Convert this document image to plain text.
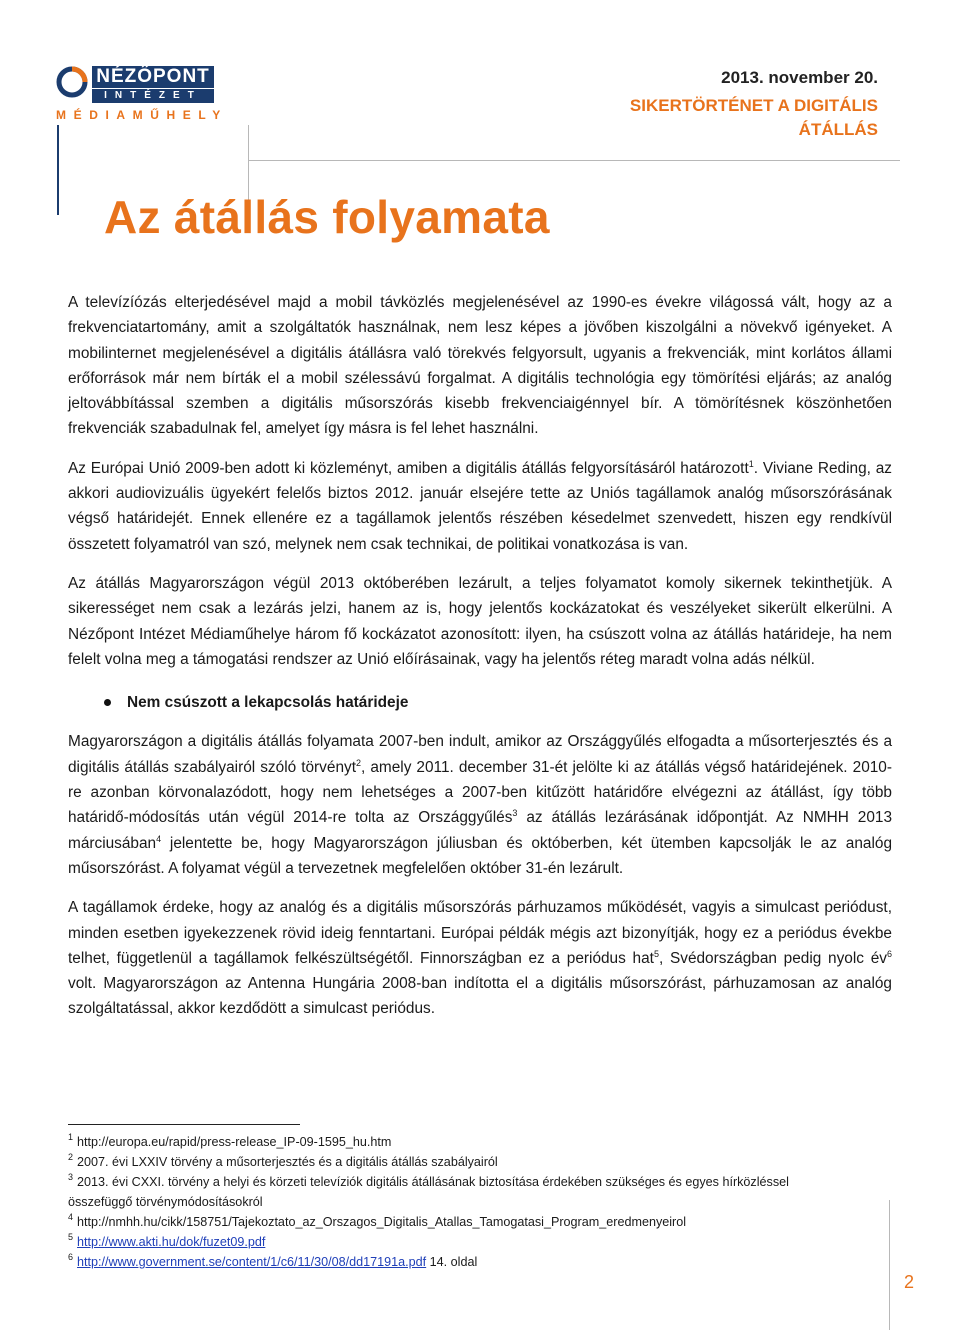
NÉZŐPONT
INTÉZET
MÉDIAMŰHELY
2013. november 20.
SIKERTÖRTÉNET A DIGITÁLIS ÁTÁLLÁS
Az átállás folyamata

A televízíózás elterjedésével majd a mobil távközlés megjelenésével az 1990-es évekre világossá vált, hogy az a frekvenciatartomány, amit a szolgáltatók használnak, nem lesz képes a jövőben kiszolgálni a növekvő igényeket. A mobilinternet megjelenésével a digitális átállásra való törekvés felgyorsult, ugyanis a frekvenciák, mint korlátos állami erőforrások már nem bírták el a mobil szélessávú forgalmat. A digitális technológia egy tömörítési eljárás; az analóg jeltovábbítással szemben a digitális műsorszórás kisebb frekvenciaigénnyel bír. A tömörítésnek köszönhetően frekvenciák szabadulnak fel, amelyet így másra is fel lehet használni.

Az Európai Unió 2009-ben adott ki közleményt, amiben a digitális átállás felgyorsításáról határozott$^1$. Viviane Reding, az akkori audiovizuális ügyekért felelős biztos 2012. január elsejére tette az Uniós tagállamok analóg műsorszórásának végső határidejét. Ennek ellenére ez a tagállamok jelentős részében késedelmet szenvedett, hiszen egy rendkívül összetett folyamatról van szó, melynek nem csak technikai, de politikai vonatkozása is van.

Az átállás Magyarországon végül 2013 októberében lezárult, a teljes folyamatot komoly sikernek tekinthetjük. A sikerességet nem csak a lezárás jelzi, hanem az is, hogy jelentős kockázatokat és veszélyeket sikerült elkerülni. A Nézőpont Intézet Médiaműhelye három fő kockázatot azonosított: ilyen, ha csúszott volna az átállás határideje, ha nem felelt volna meg a támogatási rendszer az Unió előírásainak, vagy ha jelentős réteg maradt volna adás nélkül.

Nem csúszott a lekapcsolás határideje

Magyarországon a digitális átállás folyamata 2007-ben indult, amikor az Országgyűlés elfogadta a műsorterjesztés és a digitális átállás szabályairól szóló törvényt$^2$, amely 2011. december 31-ét jelölte ki az átállás végső határidejének. 2010-re azonban körvonalazódott, hogy nem lehetséges a 2007-ben kitűzött határidőre elvégezni az átállást, így több határidő-módosítás után végül 2014-re tolta az Országgyűlés$^3$ az átállás lezárásának időpontját. Az NMHH 2013 márciusában$^4$ jelentette be, hogy Magyarországon júliusban és októberben, két ütemben kapcsolják le az analóg műsorszórást. A folyamat végül a tervezetnek megfelelően október 31-én lezárult.

A tagállamok érdeke, hogy az analóg és a digitális műsorszórás párhuzamos működését, vagyis a simulcast periódust, minden esetben igyekezzenek rövid ideig fenntartani. Európai példák mégis azt bizonyítják, hogy ez a periódus évekbe telhet, függetlenül a tagállamok felkészültségétől. Finnországban ez a periódus hat$^5$, Svédországban pedig nyolc $év^6$ volt. Magyarországon az Antenna Hungária 2008-ban indította el a digitális műsorszórást, párhuzamosan az analóg szolgáltatással, akkor kezdődött a simulcast periódus.

$^1$ http://europa.eu/rapid/press-release_IP-09-1595_hu.htm

$^2$ 2007. évi LXXIV törvény a műsorterjesztés és a digitális átállás szabályairól

$^3$ 2013. évi CXXI. törvény a helyi és körzeti televíziók digitális átállásának biztosítása érdekében szükséges és egyes hírközléssel összefüggő törvénymódosításokról

$^4$ http://nmhh.hu/cikk/158751/Tajekoztato_az_Orszagos_Digitalis_Atallas_Tamogatasi_Program_eredmenyeirol

$^5$ http://www.akti.hu/dok/fuzet09.pdf

$^6$ http://www.government.se/content/1/c6/11/30/08/dd17191a.pdf 14. oldal

2
